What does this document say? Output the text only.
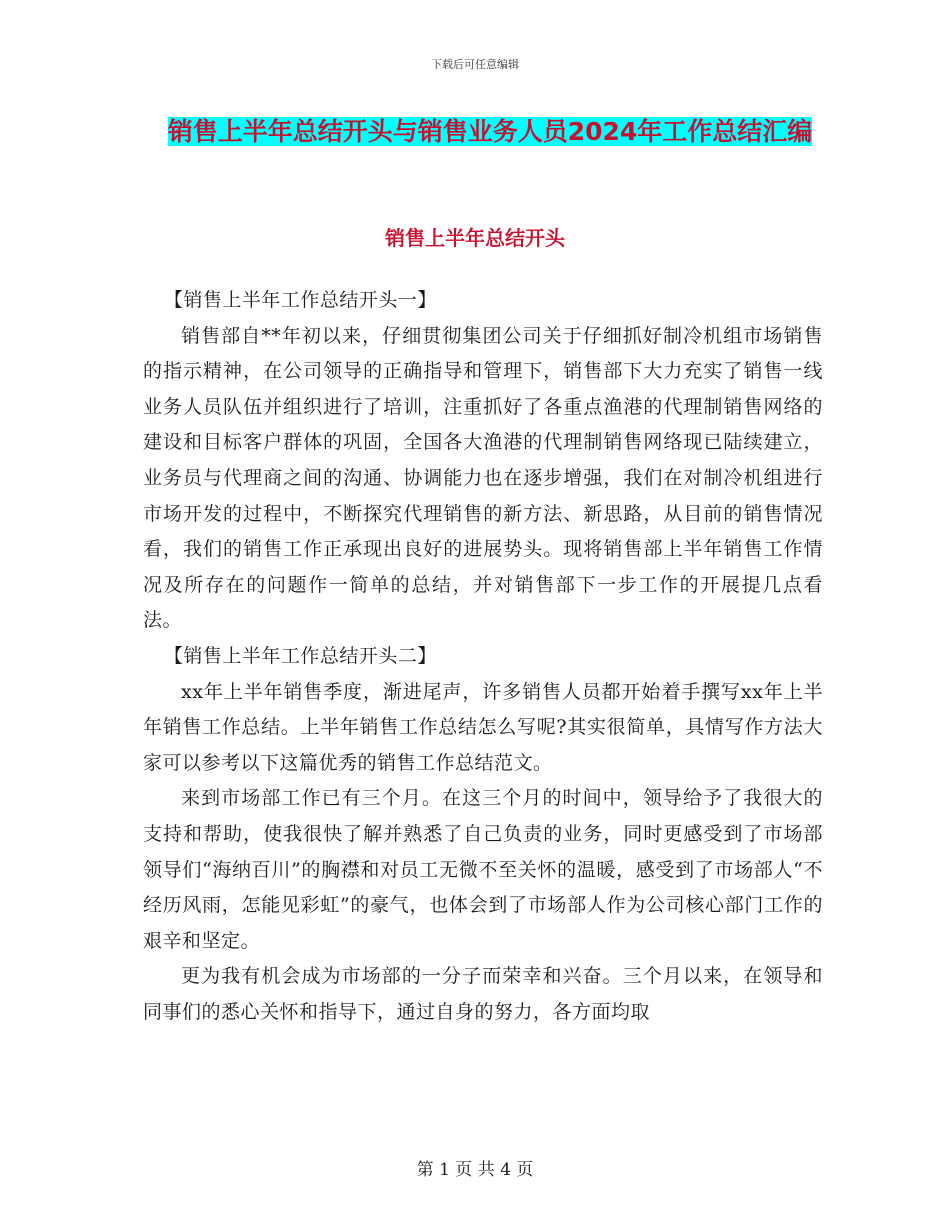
下载后可任意编辑
销售上半年总结开头与销售业务人员2024年工作总结汇编
销售上半年总结开头

【销售上半年工作总结开头一】

销售部自**年初以来，仔细贯彻集团公司关于仔细抓好制冷机组市场销售的指示精神，在公司领导的正确指导和管理下，销售部下大力充实了销售一线业务人员队伍并组织进行了培训，注重抓好了各重点渔港的代理制销售网络的建设和目标客户群体的巩固，全国各大渔港的代理制销售网络现已陆续建立，业务员与代理商之间的沟通、协调能力也在逐步增强，我们在对制冷机组进行市场开发的过程中，不断探究代理销售的新方法、新思路，从目前的销售情况看，我们的销售工作正承现出良好的进展势头。现将销售部上半年销售工作情况及所存在的问题作一简单的总结，并对销售部下一步工作的开展提几点看法。

【销售上半年工作总结开头二】

xx年上半年销售季度，渐进尾声，许多销售人员都开始着手撰写xx年上半年销售工作总结。上半年销售工作总结怎么写呢?其实很简单，具情写作方法大家可以参考以下这篇优秀的销售工作总结范文。

来到市场部工作已有三个月。在这三个月的时间中，领导给予了我很大的支持和帮助，使我很快了解并熟悉了自己负责的业务，同时更感受到了市场部领导们“海纳百川”的胸襟和对员工无微不至关怀的温暖，感受到了市场部人“不经历风雨，怎能见彩虹”的豪气，也体会到了市场部人作为公司核心部门工作的艰辛和坚定。

更为我有机会成为市场部的一分子而荣幸和兴奋。三个月以来，在领导和同事们的悉心关怀和指导下，通过自身的努力，各方面均取

第 1 页 共 4 页
